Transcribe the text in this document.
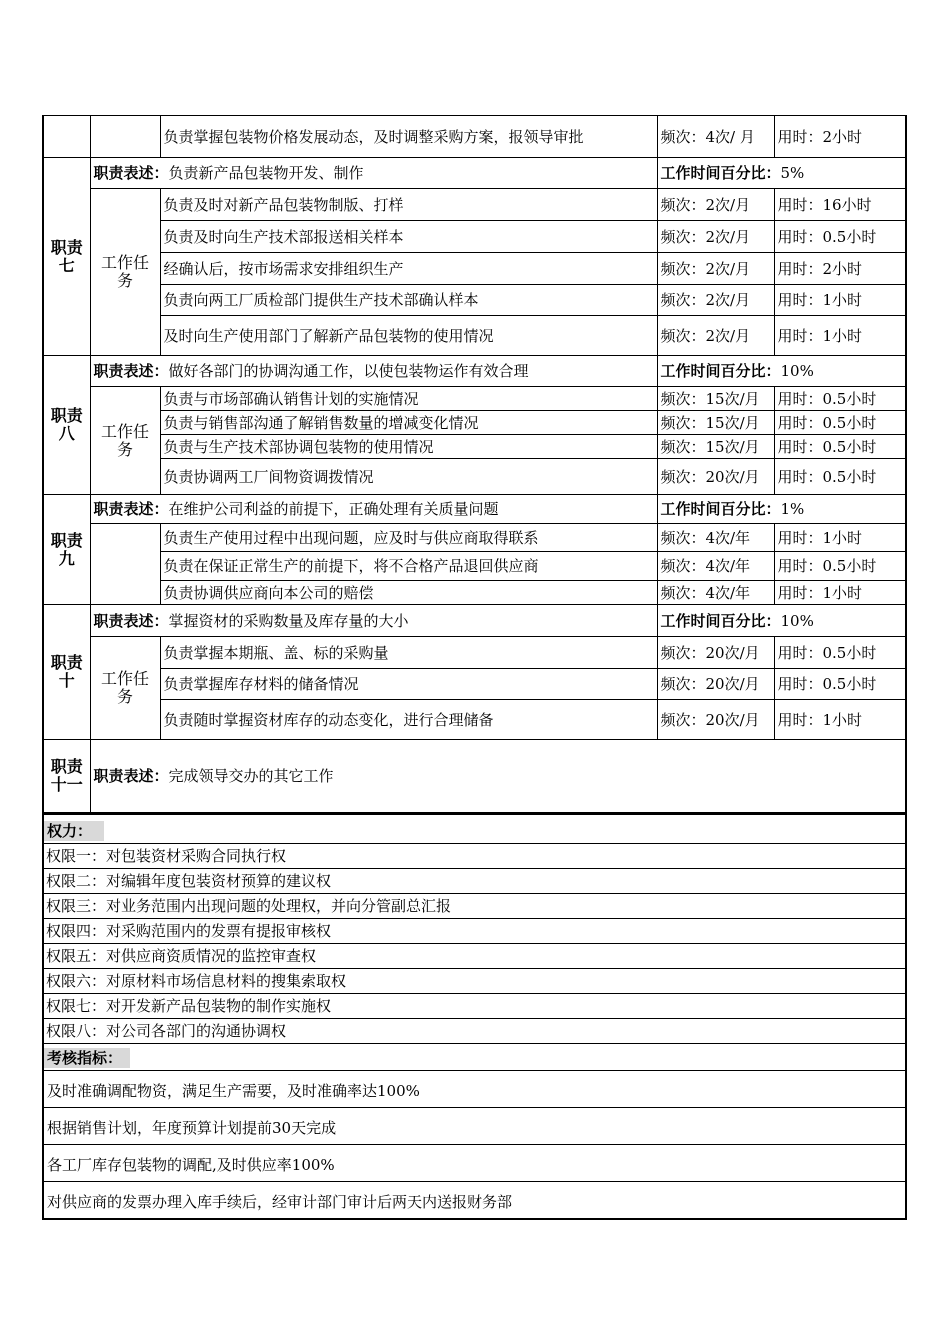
		负责掌握包装物价格发展动态，及时调整采购方案，报领导审批	频次：4次/ 月	用时：2小时
职责七	职责表述：负责新产品包装物开发、制作		工作时间百分比：5%	
	工作任务	负责及时对新产品包装物制版、打样	频次：2次/月	用时：16小时
		负责及时向生产技术部报送相关样本	频次：2次/月	用时：0.5小时
		经确认后，按市场需求安排组织生产	频次：2次/月	用时：2小时
		负责向两工厂质检部门提供生产技术部确认样本	频次：2次/月	用时：1小时
		及时向生产使用部门了解新产品包装物的使用情况	频次：2次/月	用时：1小时
职责八	职责表述：做好各部门的协调沟通工作，以使包装物运作有效合理		工作时间百分比：10%	
	工作任务	负责与市场部确认销售计划的实施情况	频次：15次/月	用时：0.5小时
		负责与销售部沟通了解销售数量的增减变化情况	频次：15次/月	用时：0.5小时
		负责与生产技术部协调包装物的使用情况	频次：15次/月	用时：0.5小时
		负责协调两工厂间物资调拨情况	频次：20次/月	用时：0.5小时
职责九	职责表述：在维护公司利益的前提下，正确处理有关质量问题		工作时间百分比：1%	
		负责生产使用过程中出现问题，应及时与供应商取得联系	频次：4次/年	用时：1小时
		负责在保证正常生产的前提下，将不合格产品退回供应商	频次：4次/年	用时：0.5小时
		负责协调供应商向本公司的赔偿	频次：4次/年	用时：1小时
职责十	职责表述：掌握资材的采购数量及库存量的大小		工作时间百分比：10%	
	工作任务	负责掌握本期瓶、盖、标的采购量	频次：20次/月	用时：0.5小时
		负责掌握库存材料的储备情况	频次：20次/月	用时：0.5小时
		负责随时掌握资材库存的动态变化，进行合理储备	频次：20次/月	用时：1小时
职责十一	职责表述：完成领导交办的其它工作			
权力：
权限一：对包装资材采购合同执行权
权限二：对编辑年度包装资材预算的建议权
权限三：对业务范围内出现问题的处理权，并向分管副总汇报
权限四：对采购范围内的发票有提报审核权
权限五：对供应商资质情况的监控审查权
权限六：对原材料市场信息材料的搜集索取权
权限七：对开发新产品包装物的制作实施权
权限八：对公司各部门的沟通协调权
考核指标：
及时准确调配物资，满足生产需要，及时准确率达100%
根据销售计划，年度预算计划提前30天完成
各工厂库存包装物的调配,及时供应率100%
对供应商的发票办理入库手续后，经审计部门审计后两天内送报财务部
